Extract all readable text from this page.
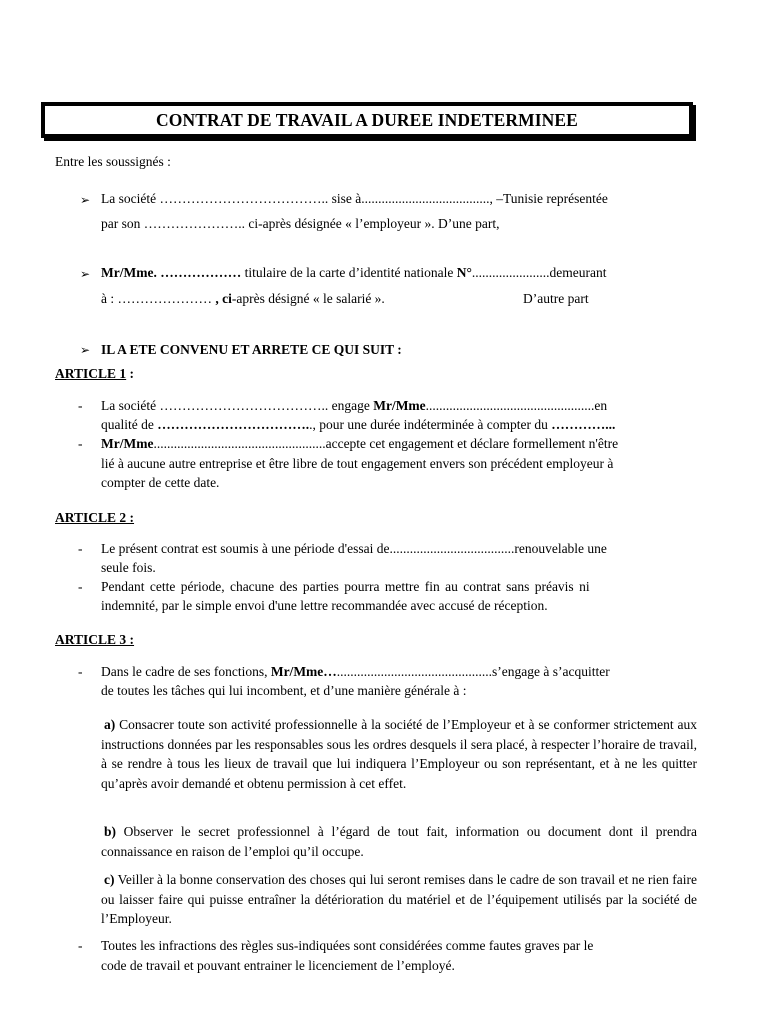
CONTRAT DE TRAVAIL A DUREE INDETERMINEE
Entre les soussignés :
➢ La société ……………………………….. sise à......................................, –Tunisie représentée
par son ………………….. ci-après désignée « l’employeur ». D’une part,
➢ Mr/Mme. ……………… titulaire de la carte d’identité nationale N°.......................demeurant
à : ………………… , ci-après désigné « le salarié ».	D’autre part
➢ IL A ETE CONVENU ET ARRETE CE QUI SUIT :
ARTICLE 1 :
- La société ……………………………….. engage Mr/Mme..................................................en
qualité de …………………………….., pour une durée indéterminée à compter du …………...
- Mr/Mme...................................................accepte cet engagement et déclare formellement n'être
lié à aucune autre entreprise et être libre de tout engagement envers son précédent employeur à
compter de cette date.
ARTICLE 2 :
- Le présent contrat est soumis à une période d'essai de.....................................renouvelable une
seule fois.
- Pendant cette période, chacune des parties pourra mettre fin au contrat sans préavis ni
indemnité, par le simple envoi d'une lettre recommandée avec accusé de réception.
ARTICLE 3 :
- Dans le cadre de ses fonctions, Mr/Mme…..............................................s’engage à s’acquitter
de toutes les tâches qui lui incombent, et d’une manière générale à :
a) Consacrer toute son activité professionnelle à la société de l’Employeur et à se conformer strictement aux instructions données par les responsables sous les ordres desquels il sera placé, à respecter l’horaire de travail, à se rendre à tous les lieux de travail que lui indiquera l’Employeur ou son représentant, et à ne les quitter qu’après avoir demandé et obtenu permission à cet effet.
b) Observer le secret professionnel à l’égard de tout fait, information ou document dont il prendra connaissance en raison de l’emploi qu’il occupe.
c) Veiller à la bonne conservation des choses qui lui seront remises dans le cadre de son travail et ne rien faire ou laisser faire qui puisse entraîner la détérioration du matériel et de l’équipement utilisés par la société de l’Employeur.
- Toutes les infractions des règles sus-indiquées sont considérées comme fautes graves par le
code de travail et pouvant entrainer le licenciement de l’employé.
